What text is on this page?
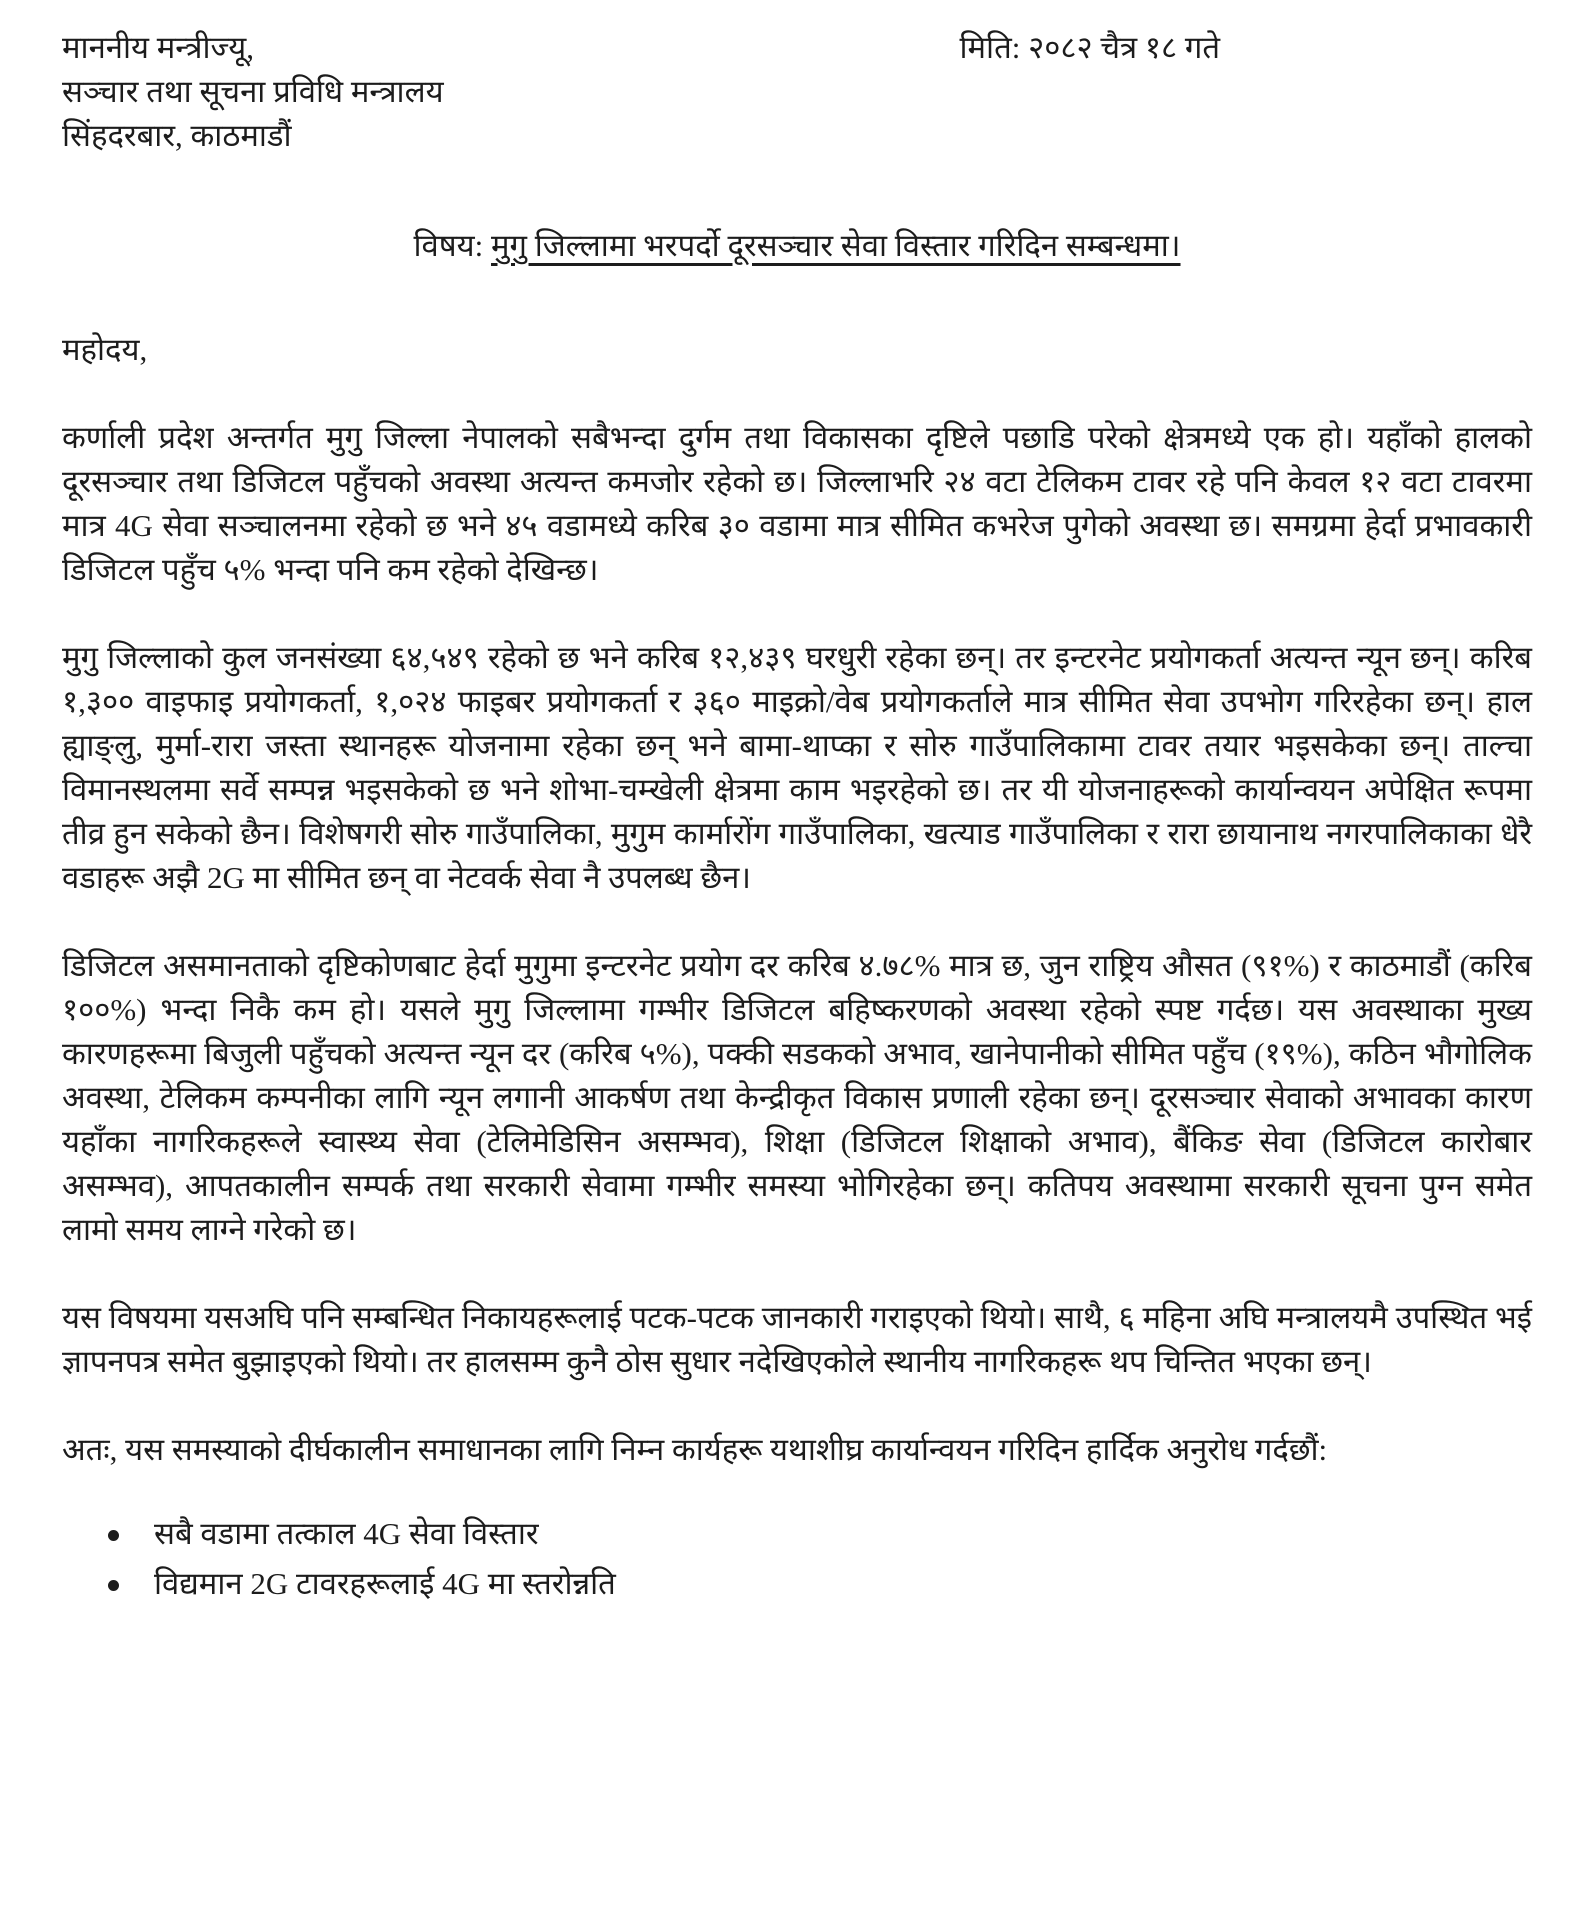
माननीय मन्त्रीज्यू,
सञ्चार तथा सूचना प्रविधि मन्त्रालय
सिंहदरबार, काठमाडौं
मिति: २०८२ चैत्र १८ गते
विषय: मुगु जिल्लामा भरपर्दो दूरसञ्चार सेवा विस्तार गरिदिन सम्बन्धमा।
महोदय,
कर्णाली प्रदेश अन्तर्गत मुगु जिल्ला नेपालको सबैभन्दा दुर्गम तथा विकासका दृष्टिले पछाडि परेको क्षेत्रमध्ये एक हो। यहाँको हालको दूरसञ्चार तथा डिजिटल पहुँचको अवस्था अत्यन्त कमजोर रहेको छ। जिल्लाभरि २४ वटा टेलिकम टावर रहे पनि केवल १२ वटा टावरमा मात्र 4G सेवा सञ्चालनमा रहेको छ भने ४५ वडामध्ये करिब ३० वडामा मात्र सीमित कभरेज पुगेको अवस्था छ। समग्रमा हेर्दा प्रभावकारी डिजिटल पहुँच ५% भन्दा पनि कम रहेको देखिन्छ।
मुगु जिल्लाको कुल जनसंख्या ६४,५४९ रहेको छ भने करिब १२,४३९ घरधुरी रहेका छन्। तर इन्टरनेट प्रयोगकर्ता अत्यन्त न्यून छन्। करिब १,३०० वाइफाइ प्रयोगकर्ता, १,०२४ फाइबर प्रयोगकर्ता र ३६० माइक्रो/वेब प्रयोगकर्ताले मात्र सीमित सेवा उपभोग गरिरहेका छन्। हाल ह्याङ्लु, मुर्मा-रारा जस्ता स्थानहरू योजनामा रहेका छन् भने बामा-थाप्का र सोरु गाउँपालिकामा टावर तयार भइसकेका छन्। ताल्चा विमानस्थलमा सर्वे सम्पन्न भइसकेको छ भने शोभा-चम्खेली क्षेत्रमा काम भइरहेको छ। तर यी योजनाहरूको कार्यान्वयन अपेक्षित रूपमा तीव्र हुन सकेको छैन। विशेषगरी सोरु गाउँपालिका, मुगुम कार्मारोंग गाउँपालिका, खत्याड गाउँपालिका र रारा छायानाथ नगरपालिकाका धेरै वडाहरू अझै 2G मा सीमित छन् वा नेटवर्क सेवा नै उपलब्ध छैन।
डिजिटल असमानताको दृष्टिकोणबाट हेर्दा मुगुमा इन्टरनेट प्रयोग दर करिब ४.७८% मात्र छ, जुन राष्ट्रिय औसत (९१%) र काठमाडौं (करिब १००%) भन्दा निकै कम हो। यसले मुगु जिल्लामा गम्भीर डिजिटल बहिष्करणको अवस्था रहेको स्पष्ट गर्दछ। यस अवस्थाका मुख्य कारणहरूमा बिजुली पहुँचको अत्यन्त न्यून दर (करिब ५%), पक्की सडकको अभाव, खानेपानीको सीमित पहुँच (१९%), कठिन भौगोलिक अवस्था, टेलिकम कम्पनीका लागि न्यून लगानी आकर्षण तथा केन्द्रीकृत विकास प्रणाली रहेका छन्। दूरसञ्चार सेवाको अभावका कारण यहाँका नागरिकहरूले स्वास्थ्य सेवा (टेलिमेडिसिन असम्भव), शिक्षा (डिजिटल शिक्षाको अभाव), बैंकिङ सेवा (डिजिटल कारोबार असम्भव), आपतकालीन सम्पर्क तथा सरकारी सेवामा गम्भीर समस्या भोगिरहेका छन्। कतिपय अवस्थामा सरकारी सूचना पुग्न समेत लामो समय लाग्ने गरेको छ।
यस विषयमा यसअघि पनि सम्बन्धित निकायहरूलाई पटक-पटक जानकारी गराइएको थियो। साथै, ६ महिना अघि मन्त्रालयमै उपस्थित भई ज्ञापनपत्र समेत बुझाइएको थियो। तर हालसम्म कुनै ठोस सुधार नदेखिएकोले स्थानीय नागरिकहरू थप चिन्तित भएका छन्।
अतः, यस समस्याको दीर्घकालीन समाधानका लागि निम्न कार्यहरू यथाशीघ्र कार्यान्वयन गरिदिन हार्दिक अनुरोध गर्दछौं:
सबै वडामा तत्काल 4G सेवा विस्तार
विद्यमान 2G टावरहरूलाई 4G मा स्तरोन्नति
